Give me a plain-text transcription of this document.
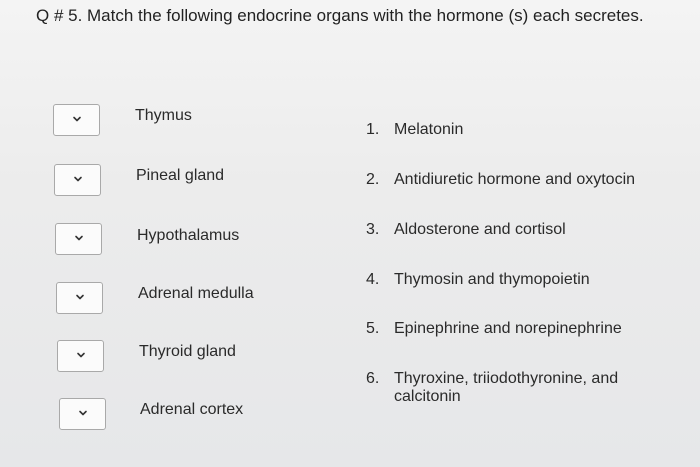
Q # 5. Match the following endocrine organs with the hormone (s) each secretes.
Thymus
Pineal gland
Hypothalamus
Adrenal medulla
Thyroid gland
Adrenal cortex
1. Melatonin
2. Antidiuretic hormone and oxytocin
3. Aldosterone and cortisol
4. Thymosin and thymopoietin
5. Epinephrine and norepinephrine
6. Thyroxine, triiodothyronine, and calcitonin
